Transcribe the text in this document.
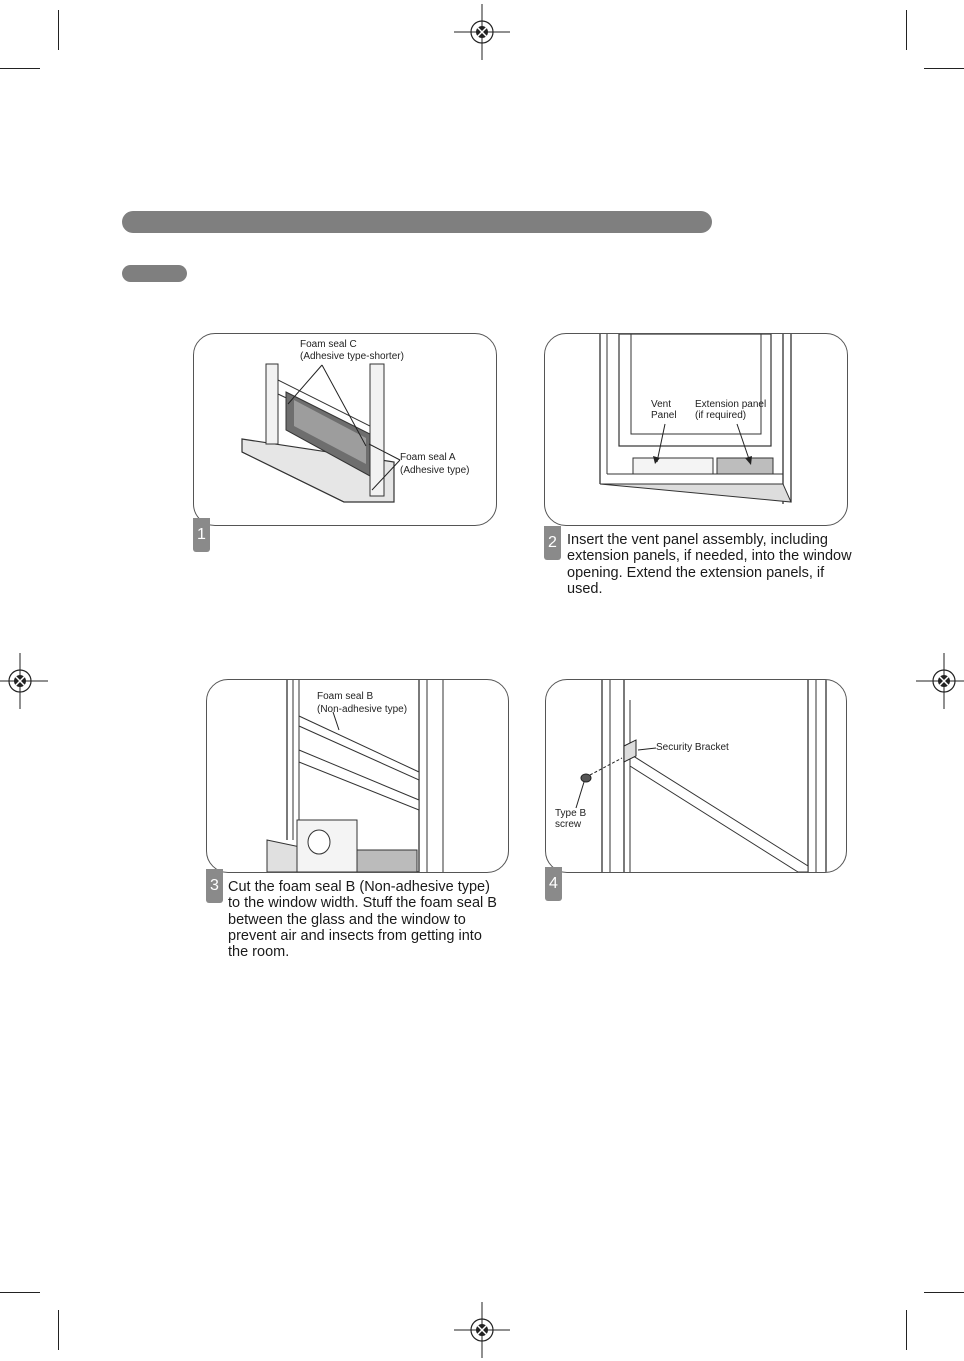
Foam seal C
(Adhesive type-shorter)
Foam seal A
(Adhesive type)
1
Vent
Panel
Extension panel
(if required)
2 Insert the vent panel assembly, including extension panels, if needed, into the window opening. Extend the extension panels, if used.
Foam seal B
(Non-adhesive type)
3 Cut the foam seal B (Non-adhesive type) to the window width. Stuff the foam seal B between the glass and the window to prevent air and insects from getting into the room.
Security Bracket
Type B
screw
4
